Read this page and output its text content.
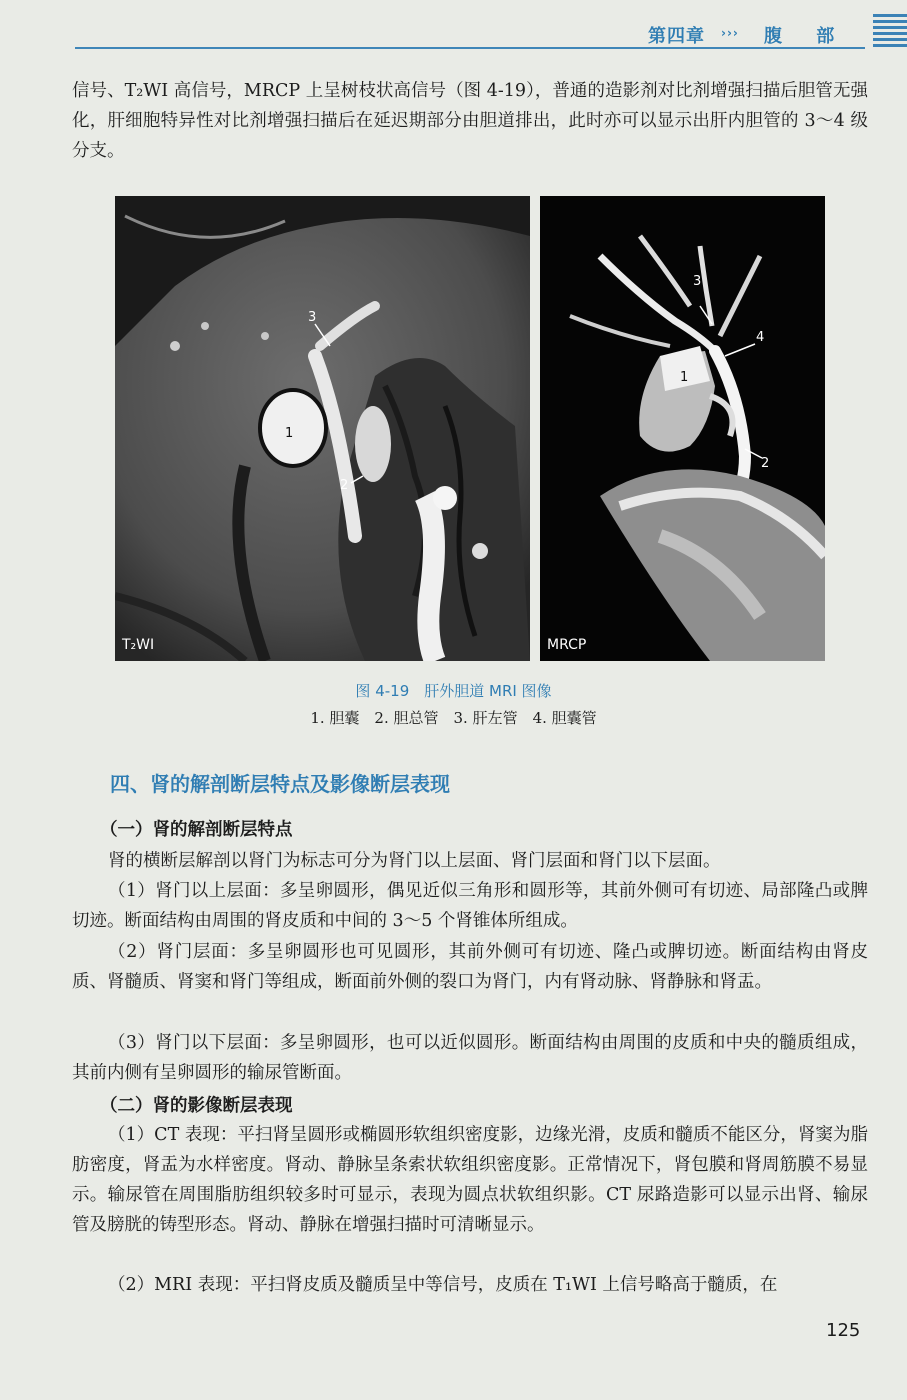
第四章 ››› 腹 部

信号、T₂WI 高信号，MRCP 上呈树枝状高信号（图 4-19），普通的造影剂对比剂增强扫描后胆管无强化，肝细胞特异性对比剂增强扫描后在延迟期部分由胆道排出，此时亦可以显示出肝内胆管的 3～4 级分支。

3
1
2
T₂WI
3
4
1
2
MRCP

图 4-19　肝外胆道 MRI 图像

1. 胆囊　2. 胆总管　3. 肝左管　4. 胆囊管

四、肾的解剖断层特点及影像断层表现
（一）肾的解剖断层特点

肾的横断层解剖以肾门为标志可分为肾门以上层面、肾门层面和肾门以下层面。

（1）肾门以上层面：多呈卵圆形，偶见近似三角形和圆形等，其前外侧可有切迹、局部隆凸或脾切迹。断面结构由周围的肾皮质和中间的 3～5 个肾锥体所组成。

（2）肾门层面：多呈卵圆形也可见圆形，其前外侧可有切迹、隆凸或脾切迹。断面结构由肾皮质、肾髓质、肾窦和肾门等组成，断面前外侧的裂口为肾门，内有肾动脉、肾静脉和肾盂。

（3）肾门以下层面：多呈卵圆形，也可以近似圆形。断面结构由周围的皮质和中央的髓质组成，其前内侧有呈卵圆形的输尿管断面。

（二）肾的影像断层表现

（1）CT 表现：平扫肾呈圆形或椭圆形软组织密度影，边缘光滑，皮质和髓质不能区分，肾窦为脂肪密度，肾盂为水样密度。肾动、静脉呈条索状软组织密度影。正常情况下，肾包膜和肾周筋膜不易显示。输尿管在周围脂肪组织较多时可显示，表现为圆点状软组织影。CT 尿路造影可以显示出肾、输尿管及膀胱的铸型形态。肾动、静脉在增强扫描时可清晰显示。

（2）MRI 表现：平扫肾皮质及髓质呈中等信号，皮质在 T₁WI 上信号略高于髓质，在

125
